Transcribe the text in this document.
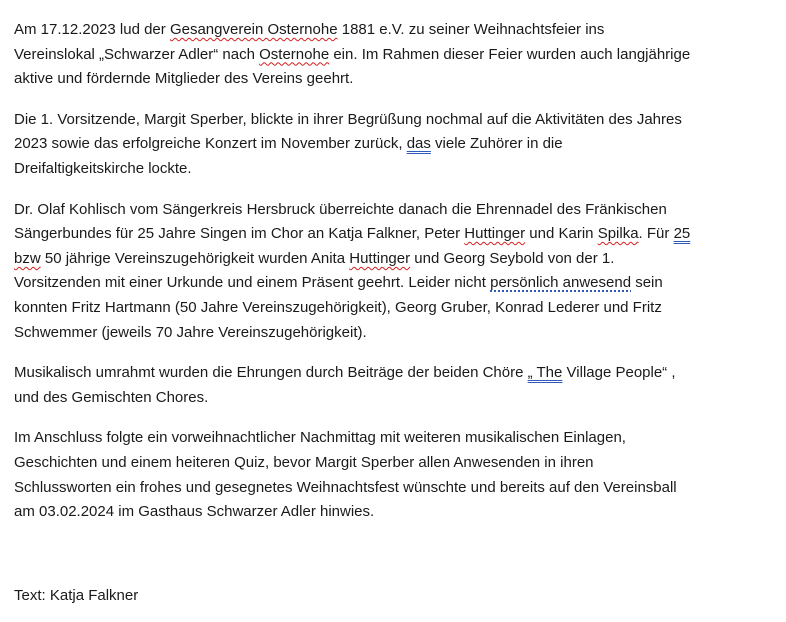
Am 17.12.2023 lud der Gesangverein Osternohe 1881 e.V. zu seiner Weihnachtsfeier ins
Vereinslokal „Schwarzer Adler“ nach Osternohe ein. Im Rahmen dieser Feier wurden auch langjährige
aktive und fördernde Mitglieder des Vereins geehrt.

Die 1. Vorsitzende, Margit Sperber, blickte in ihrer Begrüßung nochmal auf die Aktivitäten des Jahres
2023 sowie das erfolgreiche Konzert im November zurück, das viele Zuhörer in die
Dreifaltigkeitskirche lockte.

Dr. Olaf Kohlisch vom Sängerkreis Hersbruck überreichte danach die Ehrennadel des Fränkischen
Sängerbundes für 25 Jahre Singen im Chor an Katja Falkner, Peter Huttinger und Karin Spilka. Für 25
bzw 50 jährige Vereinszugehörigkeit wurden Anita Huttinger und Georg Seybold von der 1.
Vorsitzenden mit einer Urkunde und einem Präsent geehrt. Leider nicht persönlich anwesend sein
konnten Fritz Hartmann (50 Jahre Vereinszugehörigkeit), Georg Gruber, Konrad Lederer und Fritz
Schwemmer (jeweils 70 Jahre Vereinszugehörigkeit).

Musikalisch umrahmt wurden die Ehrungen durch Beiträge der beiden Chöre „ The Village People“ ,
und des Gemischten Chores.

Im Anschluss folgte ein vorweihnachtlicher Nachmittag mit weiteren musikalischen Einlagen,
Geschichten und einem heiteren Quiz, bevor Margit Sperber allen Anwesenden in ihren
Schlussworten ein frohes und gesegnetes Weihnachtsfest wünschte und bereits auf den Vereinsball
am 03.02.2024 im Gasthaus Schwarzer Adler hinwies.

Text: Katja Falkner
